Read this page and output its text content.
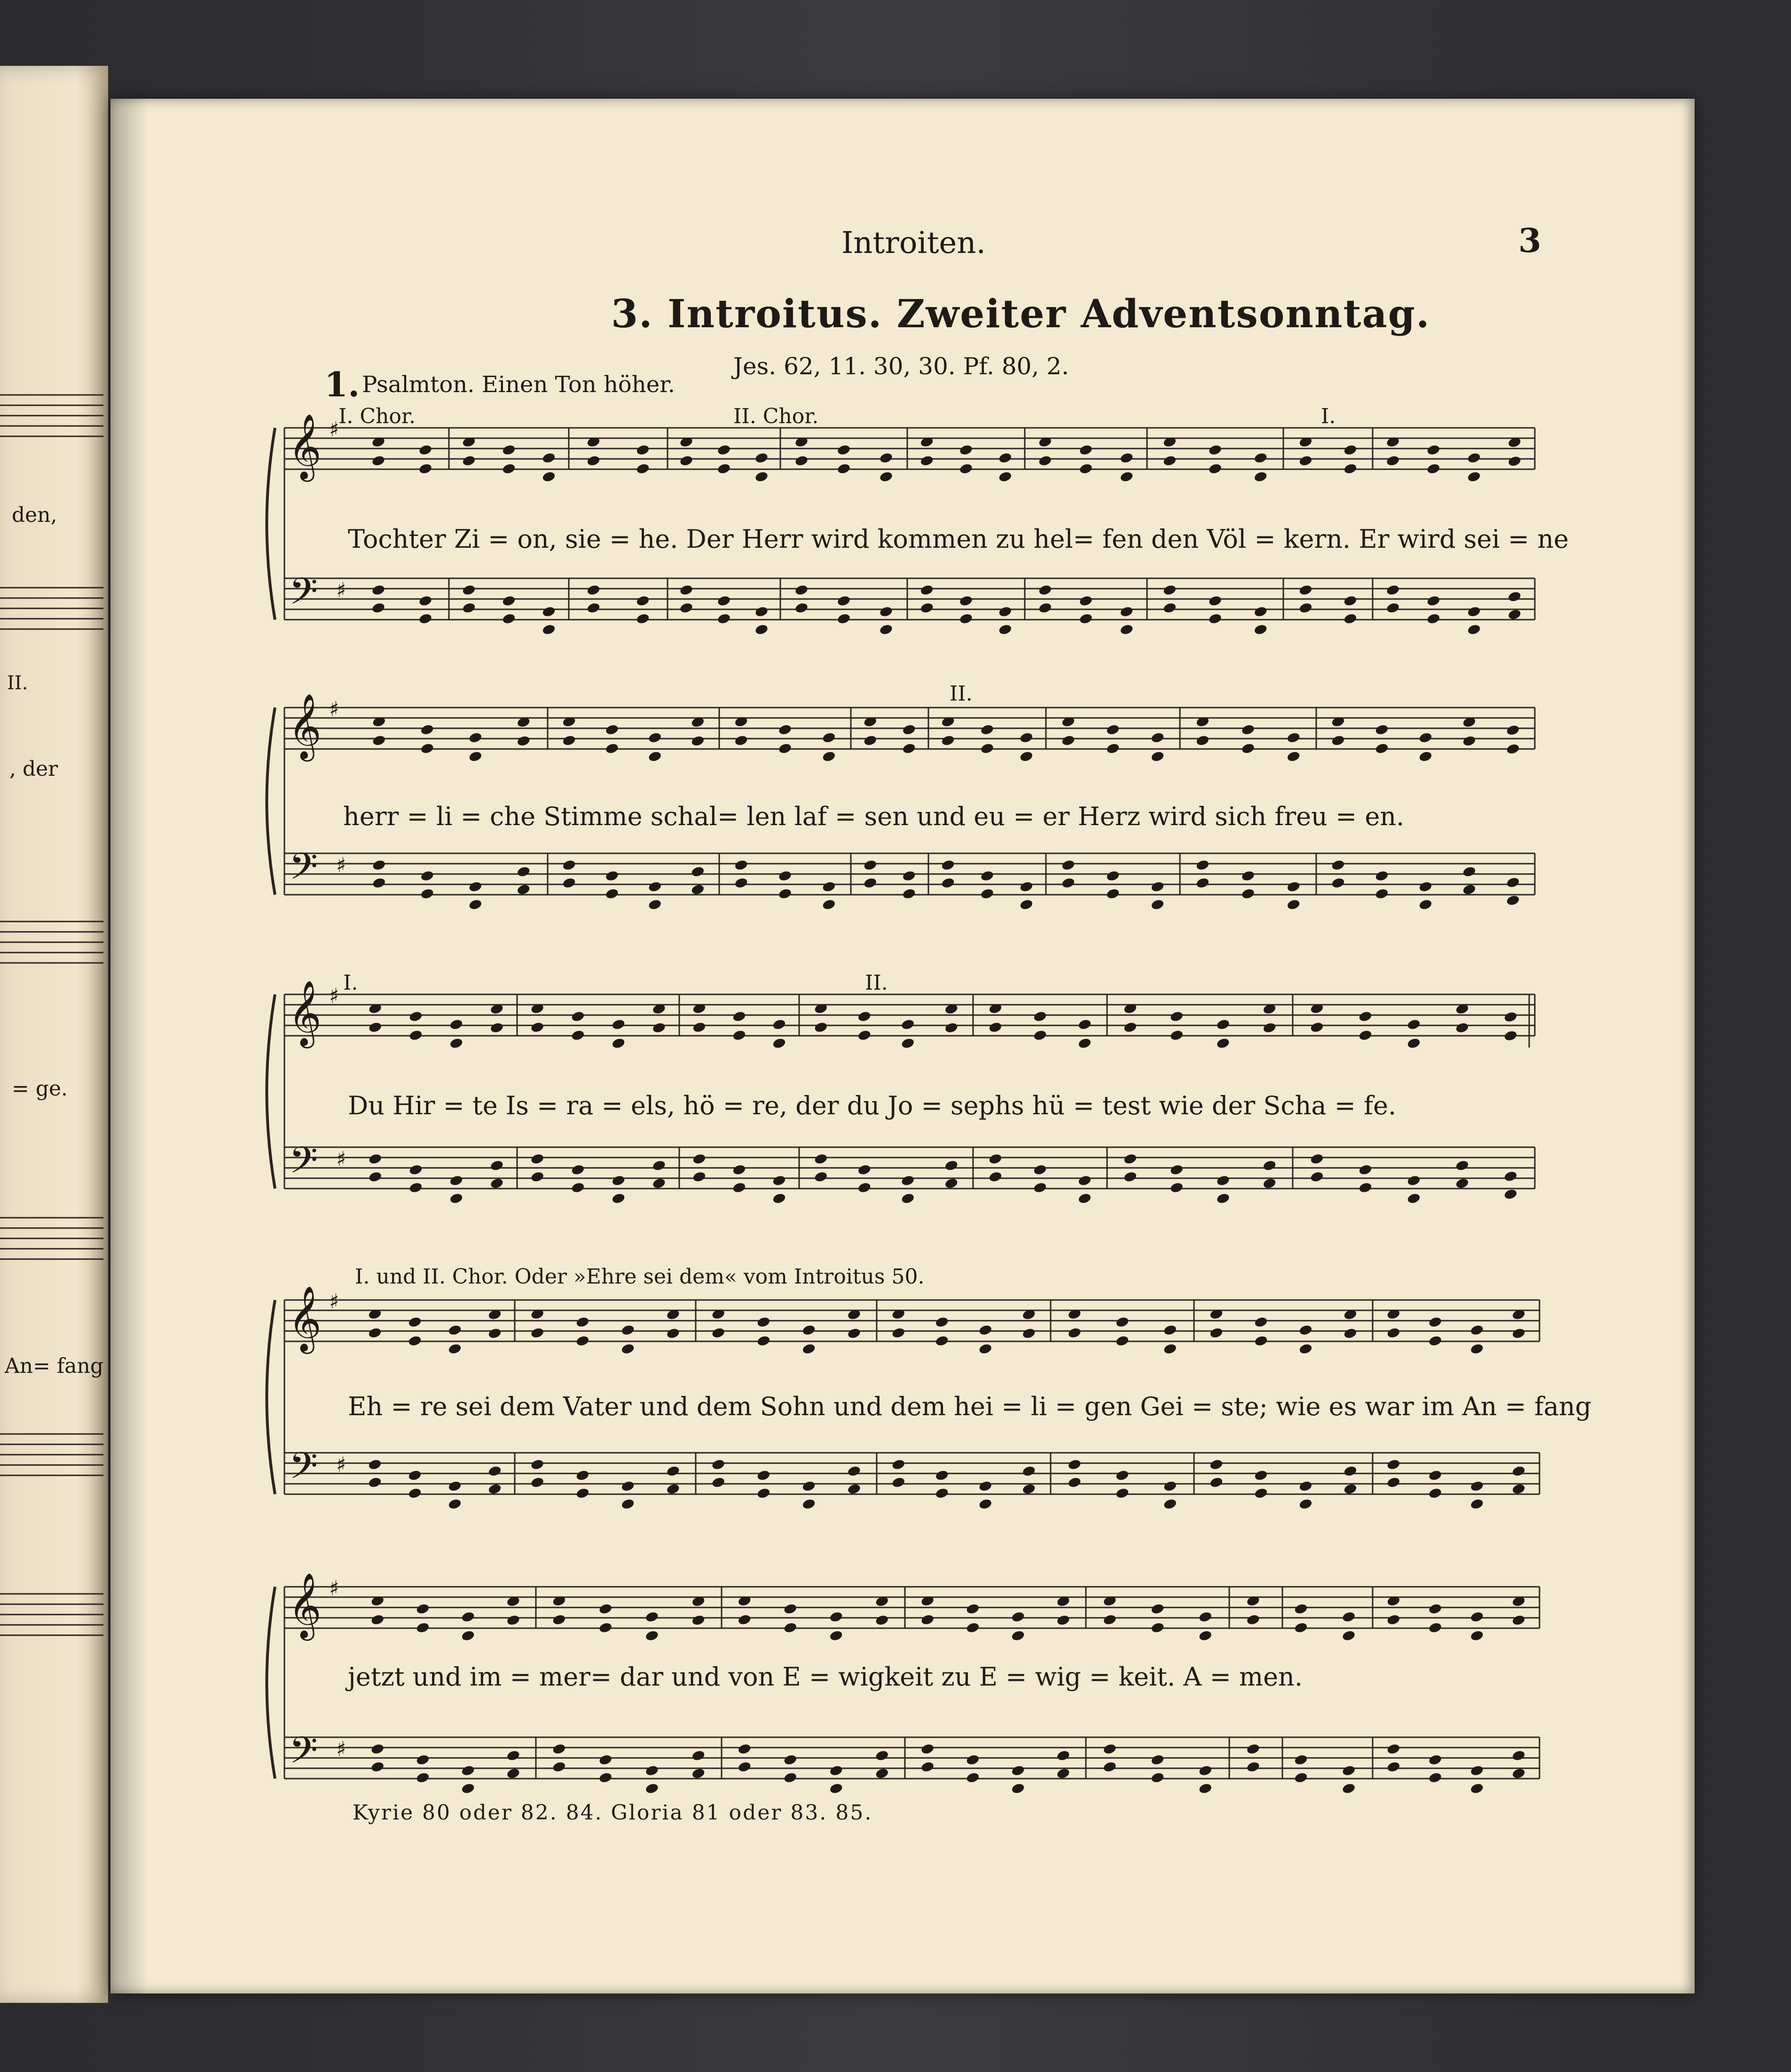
den,
II.
, der
= ge.
An= fang
Introiten.	3
3. Introitus. Zweiter Adventsonntag.
Jes. 62, 11. 30, 30. Pf. 80, 2.
1. Psalmton. Einen Ton höher.
I. Chor.	II. Chor.	I.
Tochter Zi = on, sie = he. Der Herr wird kommen zu hel= fen den Völ = kern. Er wird sei = ne
II.
herr = li = che Stimme schal= len laf = sen und eu = er Herz wird sich freu = en.
I.	II.
Du Hir = te Is = ra = els, hö = re, der du Jo = sephs hü = test wie der Scha = fe.
I. und II. Chor. Oder »Ehre sei dem« vom Introitus 50.
Eh = re sei dem Vater und dem Sohn und dem hei = li = gen Gei = ste; wie es war im An = fang
jetzt und im = mer= dar und von E = wigkeit zu E = wig = keit. A = men.
Kyrie 80 oder 82. 84. Gloria 81 oder 83. 85.
𝄞
𝄢
♯
♯
𝄞
𝄢
♯
♯
𝄞
𝄢
♯
♯
𝄞
𝄢
♯
♯
𝄞
𝄢
♯
♯
